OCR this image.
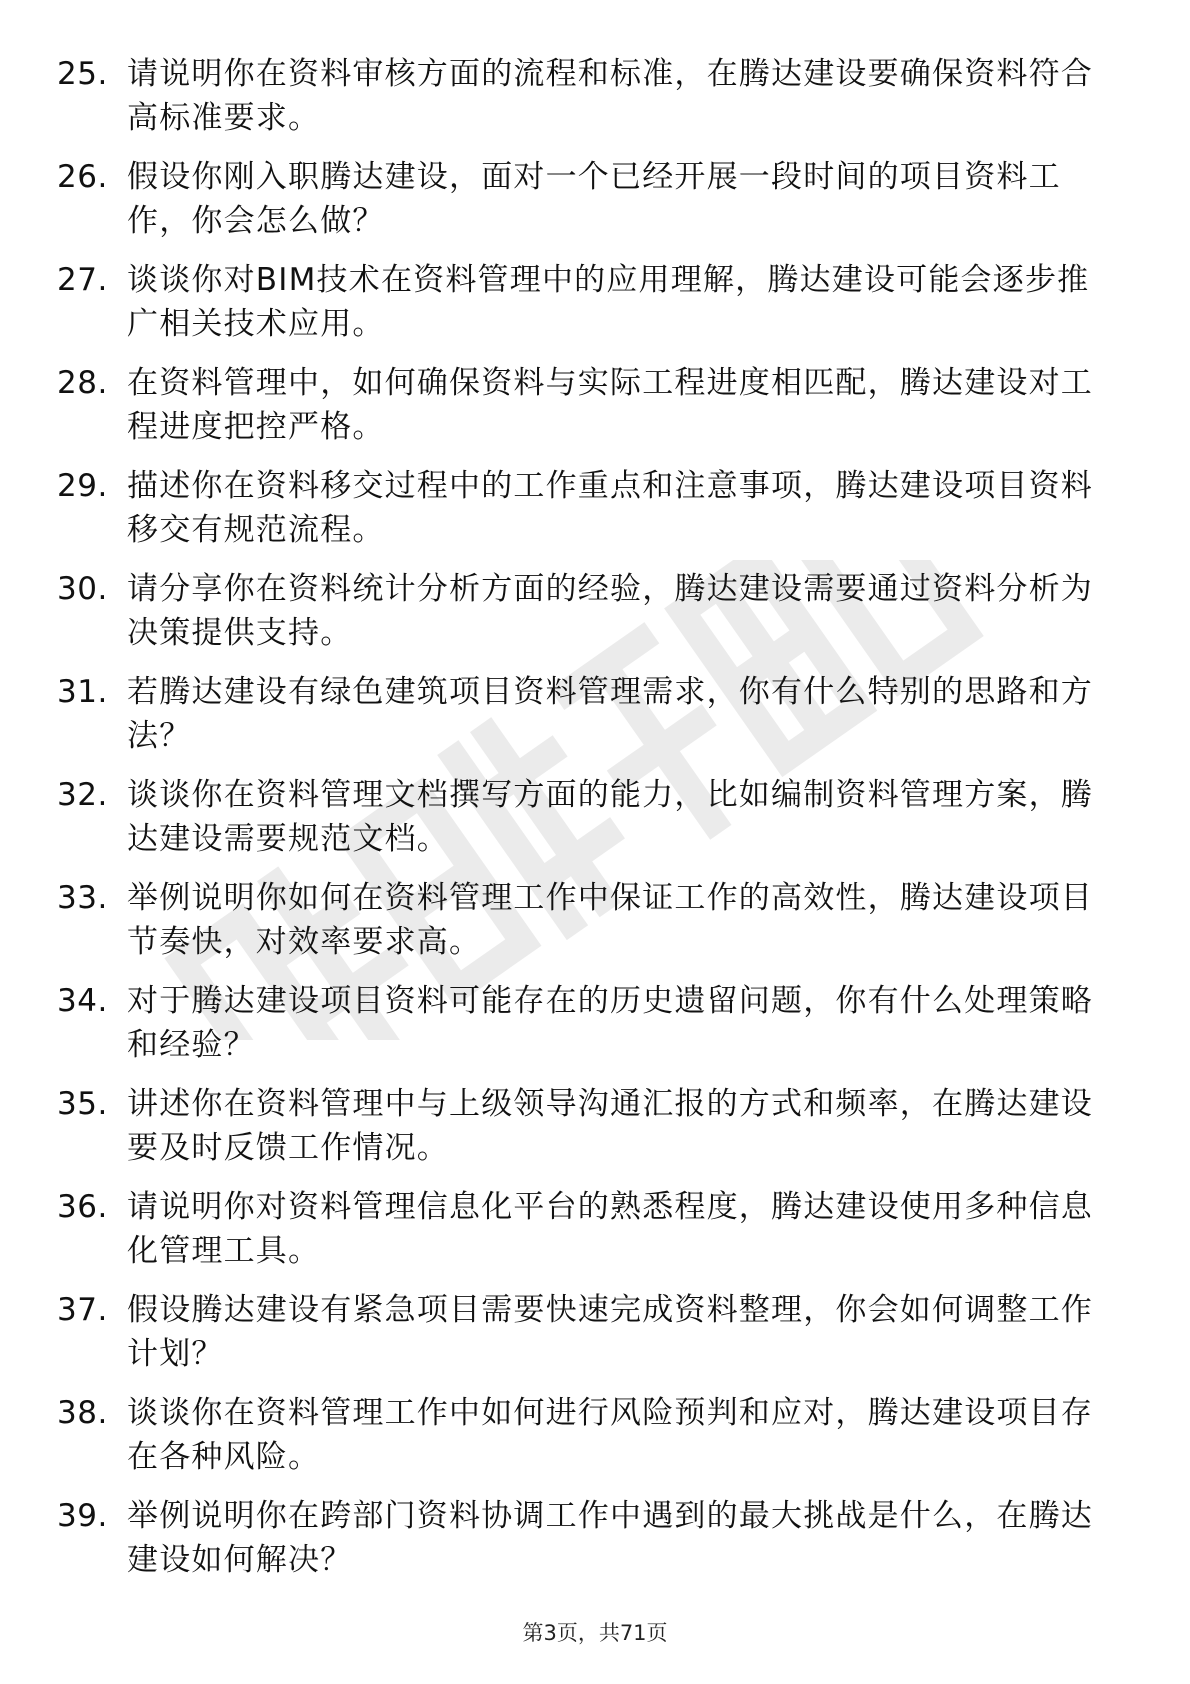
25. 请说明你在资料审核方面的流程和标准，在腾达建设要确保资料符合高标准要求。
26. 假设你刚入职腾达建设，面对一个已经开展一段时间的项目资料工作，你会怎么做？
27. 谈谈你对BIM技术在资料管理中的应用理解，腾达建设可能会逐步推广相关技术应用。
28. 在资料管理中，如何确保资料与实际工程进度相匹配，腾达建设对工程进度把控严格。
29. 描述你在资料移交过程中的工作重点和注意事项，腾达建设项目资料移交有规范流程。
30. 请分享你在资料统计分析方面的经验，腾达建设需要通过资料分析为决策提供支持。
31. 若腾达建设有绿色建筑项目资料管理需求，你有什么特别的思路和方法？
32. 谈谈你在资料管理文档撰写方面的能力，比如编制资料管理方案，腾达建设需要规范文档。
33. 举例说明你如何在资料管理工作中保证工作的高效性，腾达建设项目节奏快，对效率要求高。
34. 对于腾达建设项目资料可能存在的历史遗留问题，你有什么处理策略和经验？
35. 讲述你在资料管理中与上级领导沟通汇报的方式和频率，在腾达建设要及时反馈工作情况。
36. 请说明你对资料管理信息化平台的熟悉程度，腾达建设使用多种信息化管理工具。
37. 假设腾达建设有紧急项目需要快速完成资料整理，你会如何调整工作计划？
38. 谈谈你在资料管理工作中如何进行风险预判和应对，腾达建设项目存在各种风险。
39. 举例说明你在跨部门资料协调工作中遇到的最大挑战是什么，在腾达建设如何解决？
第3页，共71页
